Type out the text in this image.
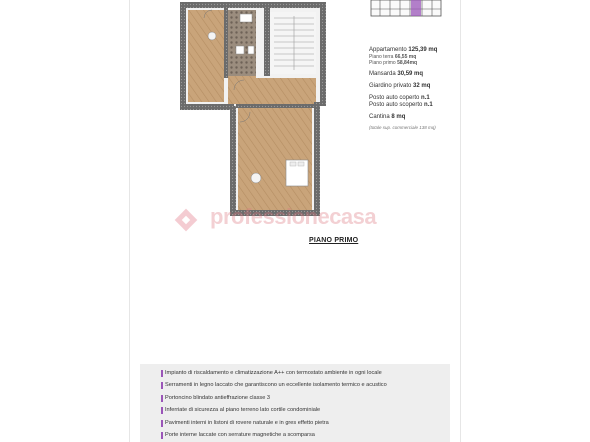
Appartamento 125,39 mq
Piano terra 66,55 mq
Piano primo 58,84mq
Mansarda 30,59 mq
Giardino privato 32 mq
Posto auto coperto n.1
Posto auto scoperto n.1
Cantina 8 mq
(totale sup. commerciale 138 mq)
professionecasa
PIANO PRIMO
Impianto di riscaldamento e climatizzazione A++ con termostato ambiente in ogni locale
Serramenti in legno laccato che garantiscono un eccellente isolamento termico e acustico
Portoncino blindato antieffrazione classe 3
Inferriate di sicurezza al piano terreno lato cortile condominiale
Pavimenti interni in listoni di rovere naturale e in gres effetto pietra
Porte interne laccate con serrature magnetiche a scomparsa
